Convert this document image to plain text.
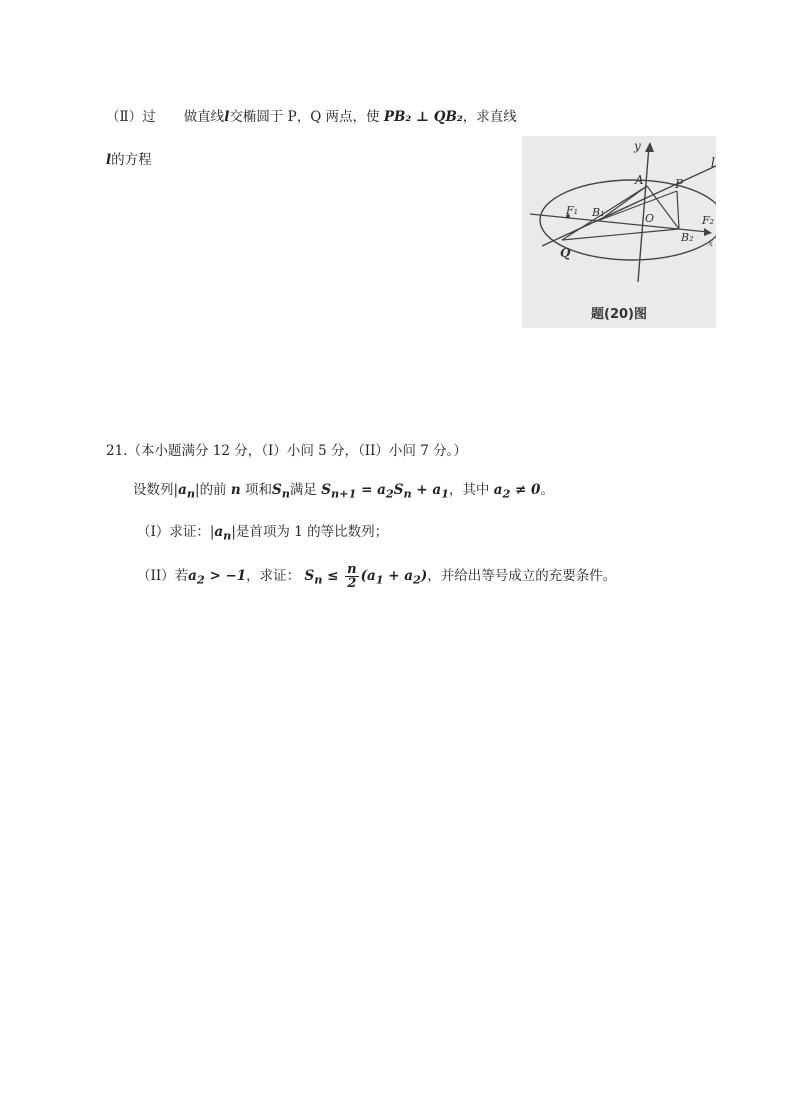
（Ⅱ）过 做直线l交椭圆于 P，Q 两点，使 PB₂ ⊥ QB₂，求直线
l的方程
y
l
A	P
F₁ B₁	O	F₂
B₂
Q
x
题(20)图
21.（本小题满分 12 分，（I）小问 5 分，（II）小问 7 分。）
设数列$|a_n|$的前 n 项和$S_n$满足 $S_{n+1} = a_2S_n + a_1$，其中 $a_2 \ne 0$。
（I）求证：$|a_n|$是首项为 1 的等比数列；
（II）若$a_2 > -1$，求证： $S_n \le \frac{n}{2} (a_1 + a_2)$，并给出等号成立的充要条件。
